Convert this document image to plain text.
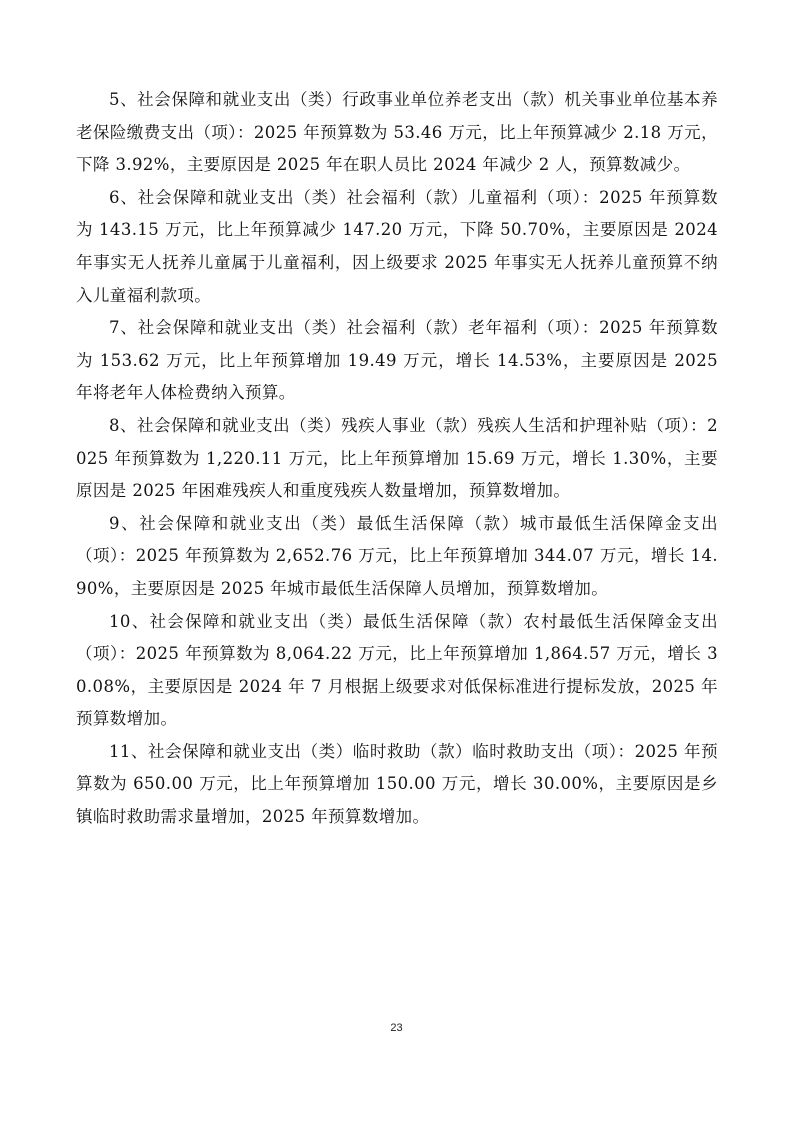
5、社会保障和就业支出（类）行政事业单位养老支出（款）机关事业单位基本养老保险缴费支出（项）：2025 年预算数为 53.46 万元，比上年预算减少 2.18 万元，下降 3.92%，主要原因是 2025 年在职人员比 2024 年减少 2 人，预算数减少。

6、社会保障和就业支出（类）社会福利（款）儿童福利（项）：2025 年预算数为 143.15 万元，比上年预算减少 147.20 万元，下降 50.70%，主要原因是 2024 年事实无人抚养儿童属于儿童福利，因上级要求 2025 年事实无人抚养儿童预算不纳入儿童福利款项。

7、社会保障和就业支出（类）社会福利（款）老年福利（项）：2025 年预算数为 153.62 万元，比上年预算增加 19.49 万元，增长 14.53%，主要原因是 2025 年将老年人体检费纳入预算。

8、社会保障和就业支出（类）残疾人事业（款）残疾人生活和护理补贴（项）：2025 年预算数为 1,220.11 万元，比上年预算增加 15.69 万元，增长 1.30%，主要原因是 2025 年困难残疾人和重度残疾人数量增加，预算数增加。

9、社会保障和就业支出（类）最低生活保障（款）城市最低生活保障金支出（项）：2025 年预算数为 2,652.76 万元，比上年预算增加 344.07 万元，增长 14.90%，主要原因是 2025 年城市最低生活保障人员增加，预算数增加。

10、社会保障和就业支出（类）最低生活保障（款）农村最低生活保障金支出（项）：2025 年预算数为 8,064.22 万元，比上年预算增加 1,864.57 万元，增长 30.08%，主要原因是 2024 年 7 月根据上级要求对低保标准进行提标发放，2025 年预算数增加。

11、社会保障和就业支出（类）临时救助（款）临时救助支出（项）：2025 年预算数为 650.00 万元，比上年预算增加 150.00 万元，增长 30.00%，主要原因是乡镇临时救助需求量增加，2025 年预算数增加。

23
